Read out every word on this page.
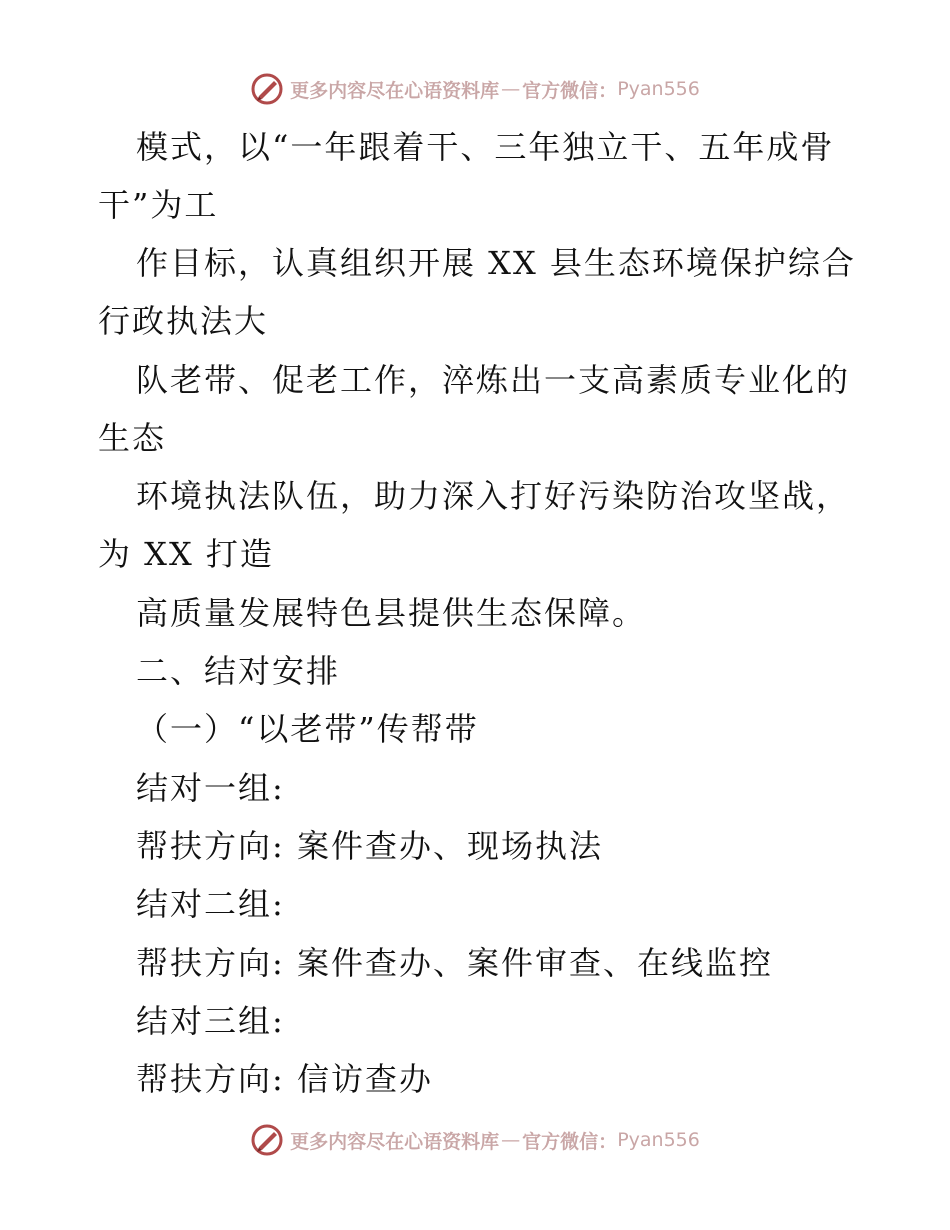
更多内容尽在心语资料库 — 官方微信： Pyan556
模式，以“一年跟着干、三年独立干、五年成骨
干”为工
作目标，认真组织开展 XX 县生态环境保护综合
行政执法大
队老带、促老工作，淬炼出一支高素质专业化的
生态
环境执法队伍，助力深入打好污染防治攻坚战，
为 XX 打造
高质量发展特色县提供生态保障。
二、结对安排
（一）“以老带”传帮带
结对一组:
帮扶方向: 案件查办、现场执法
结对二组:
帮扶方向: 案件查办、案件审查、在线监控
结对三组:
帮扶方向: 信访查办
更多内容尽在心语资料库 — 官方微信： Pyan556
